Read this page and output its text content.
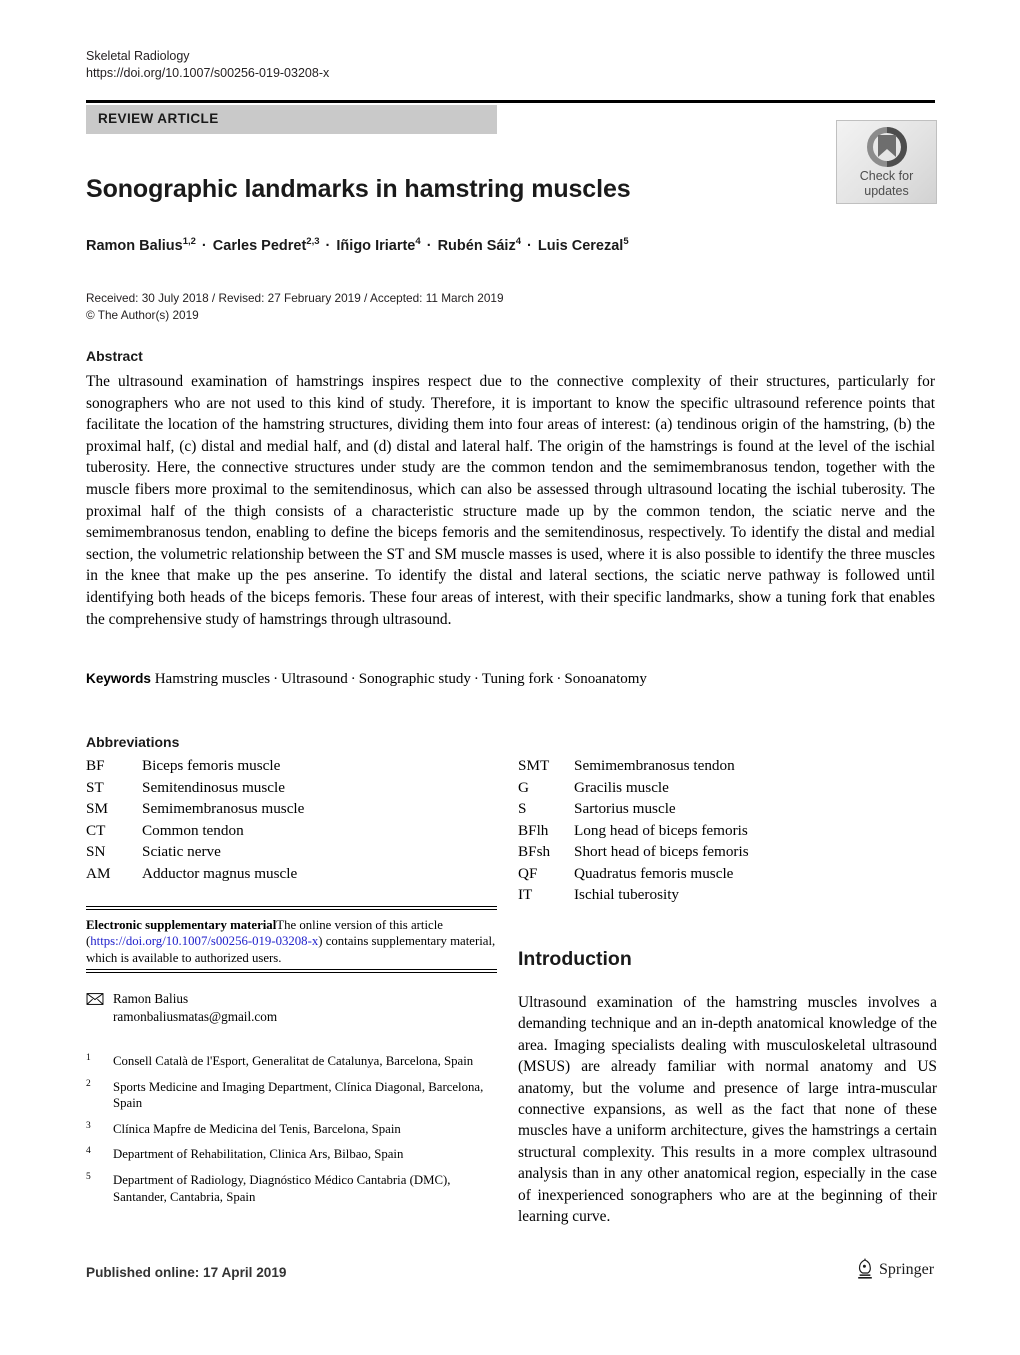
Skeletal Radiology
https://doi.org/10.1007/s00256-019-03208-x
REVIEW ARTICLE
Check for
updates
Sonographic landmarks in hamstring muscles
Ramon Balius$^{1,2}$ · Carles Pedret$^{2,3}$ · Iñigo Iriarte$^4$ · Rubén Sáiz$^4$ · Luis Cerezal$^5$
Received: 30 July 2018 / Revised: 27 February 2019 / Accepted: 11 March 2019
© The Author(s) 2019
Abstract
The ultrasound examination of hamstrings inspires respect due to the connective complexity of their structures, particularly for sonographers who are not used to this kind of study. Therefore, it is important to know the specific ultrasound reference points that facilitate the location of the hamstring structures, dividing them into four areas of interest: (a) tendinous origin of the hamstring, (b) the proximal half, (c) distal and medial half, and (d) distal and lateral half. The origin of the hamstrings is found at the level of the ischial tuberosity. Here, the connective structures under study are the common tendon and the semimembranosus tendon, together with the muscle fibers more proximal to the semitendinosus, which can also be assessed through ultrasound locating the ischial tuberosity. The proximal half of the thigh consists of a characteristic structure made up by the common tendon, the sciatic nerve and the semimembranosus tendon, enabling to define the biceps femoris and the semitendinosus, respectively. To identify the distal and medial section, the volumetric relationship between the ST and SM muscle masses is used, where it is also possible to identify the three muscles in the knee that make up the pes anserine. To identify the distal and lateral sections, the sciatic nerve pathway is followed until identifying both heads of the biceps femoris. These four areas of interest, with their specific landmarks, show a tuning fork that enables the comprehensive study of hamstrings through ultrasound.
Keywords Hamstring muscles · Ultrasound · Sonographic study · Tuning fork · Sonoanatomy
Abbreviations
BF	Biceps femoris muscle
ST	Semitendinosus muscle
SM	Semimembranosus muscle
CT	Common tendon
SN	Sciatic nerve
AM	Adductor magnus muscle
SMT	Semimembranosus tendon
G	Gracilis muscle
S	Sartorius muscle
BFlh	Long head of biceps femoris
BFsh	Short head of biceps femoris
QF	Quadratus femoris muscle
IT	Ischial tuberosity
Electronic supplementary materialThe online version of this article (https://doi.org/10.1007/s00256-019-03208-x) contains supplementary material, which is available to authorized users.
Ramon Balius
ramonbaliusmatas@gmail.com
1 Consell Català de l'Esport, Generalitat de Catalunya, Barcelona, Spain
2 Sports Medicine and Imaging Department, Clínica Diagonal, Barcelona, Spain
3 Clínica Mapfre de Medicina del Tenis, Barcelona, Spain
4 Department of Rehabilitation, Clinica Ars, Bilbao, Spain
5 Department of Radiology, Diagnóstico Médico Cantabria (DMC), Santander, Cantabria, Spain
Introduction
Ultrasound examination of the hamstring muscles involves a demanding technique and an in-depth anatomical knowledge of the area. Imaging specialists dealing with musculoskeletal ultrasound (MSUS) are already familiar with normal anatomy and US anatomy, but the volume and presence of large intra-muscular connective expansions, as well as the fact that none of these muscles have a uniform architecture, gives the hamstrings a certain structural complexity. This results in a more complex ultrasound analysis than in any other anatomical region, especially in the case of inexperienced sonographers who are at the beginning of their learning curve.
Published online: 17 April 2019	Springer
